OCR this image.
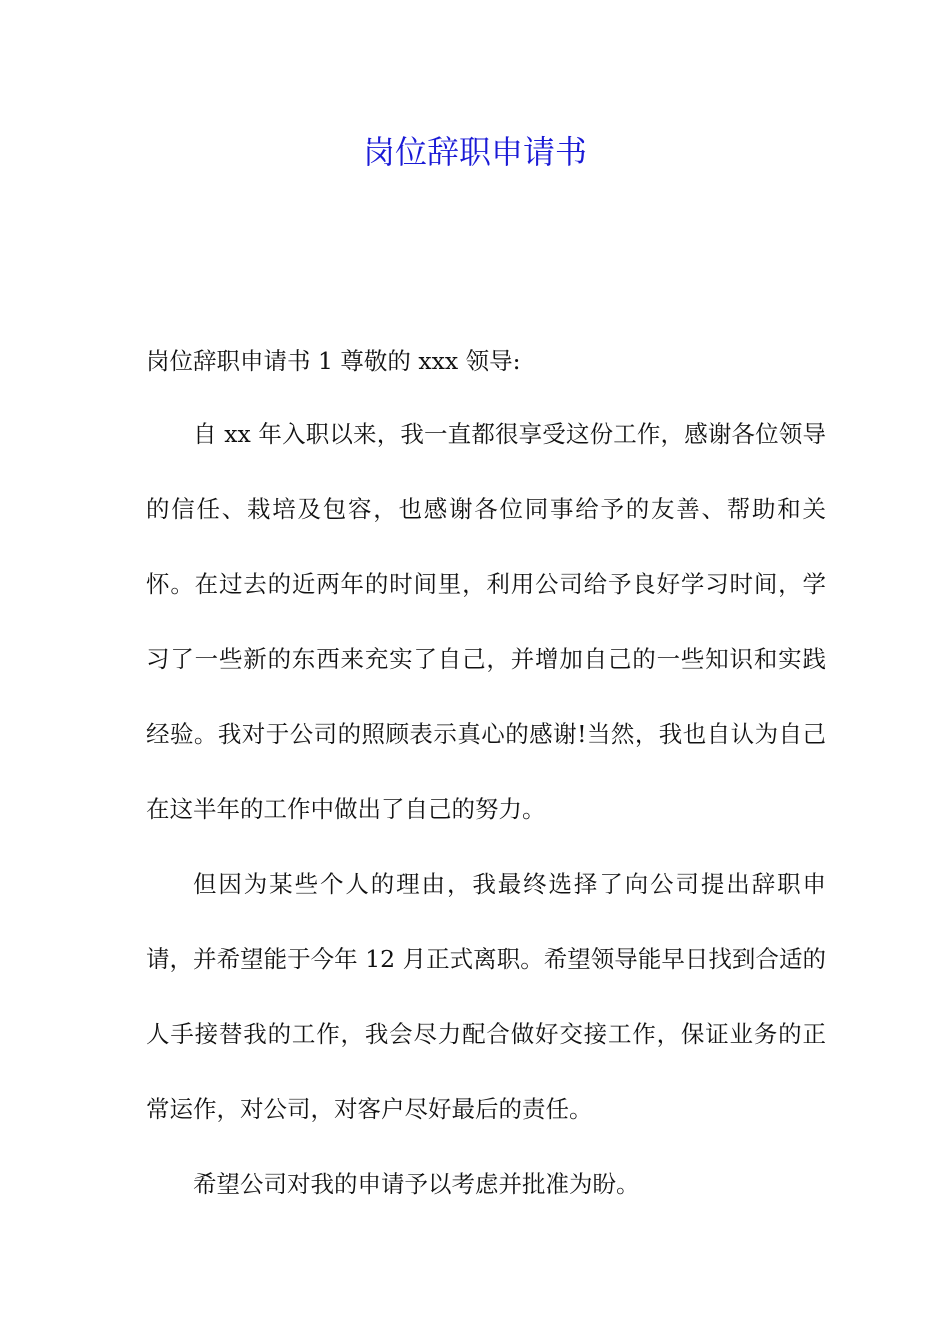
岗位辞职申请书

岗位辞职申请书 1 尊敬的 xxx 领导:

自 xx 年入职以来，我一直都很享受这份工作，感谢各位领导的信任、栽培及包容，也感谢各位同事给予的友善、帮助和关怀。在过去的近两年的时间里，利用公司给予良好学习时间，学习了一些新的东西来充实了自己，并增加自己的一些知识和实践经验。我对于公司的照顾表示真心的感谢!当然，我也自认为自己在这半年的工作中做出了自己的努力。

但因为某些个人的理由，我最终选择了向公司提出辞职申请，并希望能于今年 12 月正式离职。希望领导能早日找到合适的人手接替我的工作，我会尽力配合做好交接工作，保证业务的正常运作，对公司，对客户尽好最后的责任。

希望公司对我的申请予以考虑并批准为盼。
